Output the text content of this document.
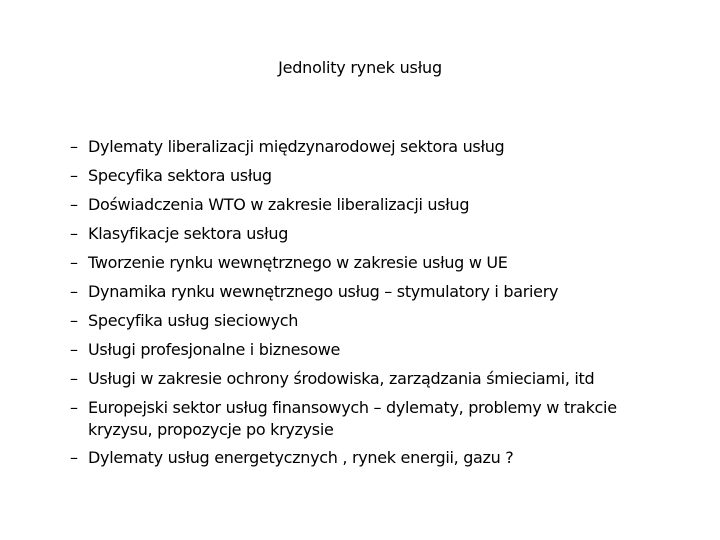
Jednolity rynek usług
– Dylematy liberalizacji międzynarodowej sektora usług
– Specyfika sektora usług
– Doświadczenia WTO w zakresie liberalizacji usług
– Klasyfikacje sektora usług
– Tworzenie rynku wewnętrznego w zakresie usług w UE
– Dynamika rynku wewnętrznego usług – stymulatory i bariery
– Specyfika usług sieciowych
– Usługi profesjonalne i biznesowe
– Usługi w zakresie ochrony środowiska, zarządzania śmieciami, itd
– Europejski sektor usług finansowych – dylematy, problemy w trakcie kryzysu, propozycje po kryzysie
– Dylematy usług energetycznych , rynek energii, gazu ?
